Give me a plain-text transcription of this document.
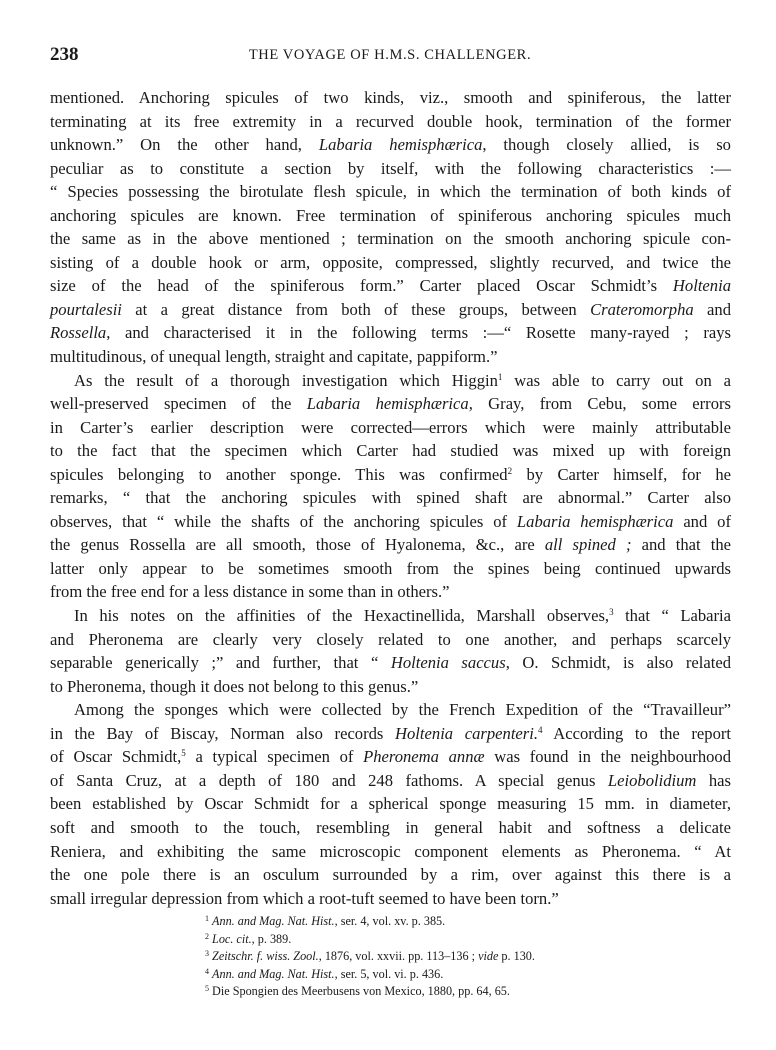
238	THE VOYAGE OF H.M.S. CHALLENGER.

mentioned. Anchoring spicules of two kinds, viz., smooth and spiniferous, the latter
terminating at its free extremity in a recurved double hook, termination of the former
unknown.” On the other hand, Labaria hemisphærica, though closely allied, is so
peculiar as to constitute a section by itself, with the following characteristics :—
“ Species possessing the birotulate flesh spicule, in which the termination of both kinds of
anchoring spicules are known. Free termination of spiniferous anchoring spicules much
the same as in the above mentioned ; termination on the smooth anchoring spicule con-
sisting of a double hook or arm, opposite, compressed, slightly recurved, and twice the
size of the head of the spiniferous form.” Carter placed Oscar Schmidt’s Holtenia
pourtalesii at a great distance from both of these groups, between Crateromorpha and
Rossella, and characterised it in the following terms :—“ Rosette many-rayed ; rays
multitudinous, of unequal length, straight and capitate, pappiform.”

As the result of a thorough investigation which Higgin$^1$ was able to carry out on a
well-preserved specimen of the Labaria hemisphærica, Gray, from Cebu, some errors
in Carter’s earlier description were corrected—errors which were mainly attributable
to the fact that the specimen which Carter had studied was mixed up with foreign
spicules belonging to another sponge. This was confirmed$^2$ by Carter himself, for he
remarks, “ that the anchoring spicules with spined shaft are abnormal.” Carter also
observes, that “ while the shafts of the anchoring spicules of Labaria hemisphærica and of
the genus Rossella are all smooth, those of Hyalonema, &c., are all spined ; and that the
latter only appear to be sometimes smooth from the spines being continued upwards
from the free end for a less distance in some than in others.”

In his notes on the affinities of the Hexactinellida, Marshall observes,$^3$ that “ Labaria
and Pheronema are clearly very closely related to one another, and perhaps scarcely
separable generically ;” and further, that “ Holtenia saccus, O. Schmidt, is also related
to Pheronema, though it does not belong to this genus.”

Among the sponges which were collected by the French Expedition of the “Travailleur”
in the Bay of Biscay, Norman also records Holtenia carpenteri.$^4$ According to the report
of Oscar Schmidt,$^5$ a typical specimen of Pheronema annæ was found in the neighbourhood
of Santa Cruz, at a depth of 180 and 248 fathoms. A special genus Leiobolidium has
been established by Oscar Schmidt for a spherical sponge measuring 15 mm. in diameter,
soft and smooth to the touch, resembling in general habit and softness a delicate
Reniera, and exhibiting the same microscopic component elements as Pheronema. “ At
the one pole there is an osculum surrounded by a rim, over against this there is a
small irregular depression from which a root-tuft seemed to have been torn.”

$^1$ Ann. and Mag. Nat. Hist., ser. 4, vol. xv. p. 385.
$^2$ Loc. cit., p. 389.
$^3$ Zeitschr. f. wiss. Zool., 1876, vol. xxvii. pp. 113–136 ; vide p. 130.
$^4$ Ann. and Mag. Nat. Hist., ser. 5, vol. vi. p. 436.
$^5$ Die Spongien des Meerbusens von Mexico, 1880, pp. 64, 65.
